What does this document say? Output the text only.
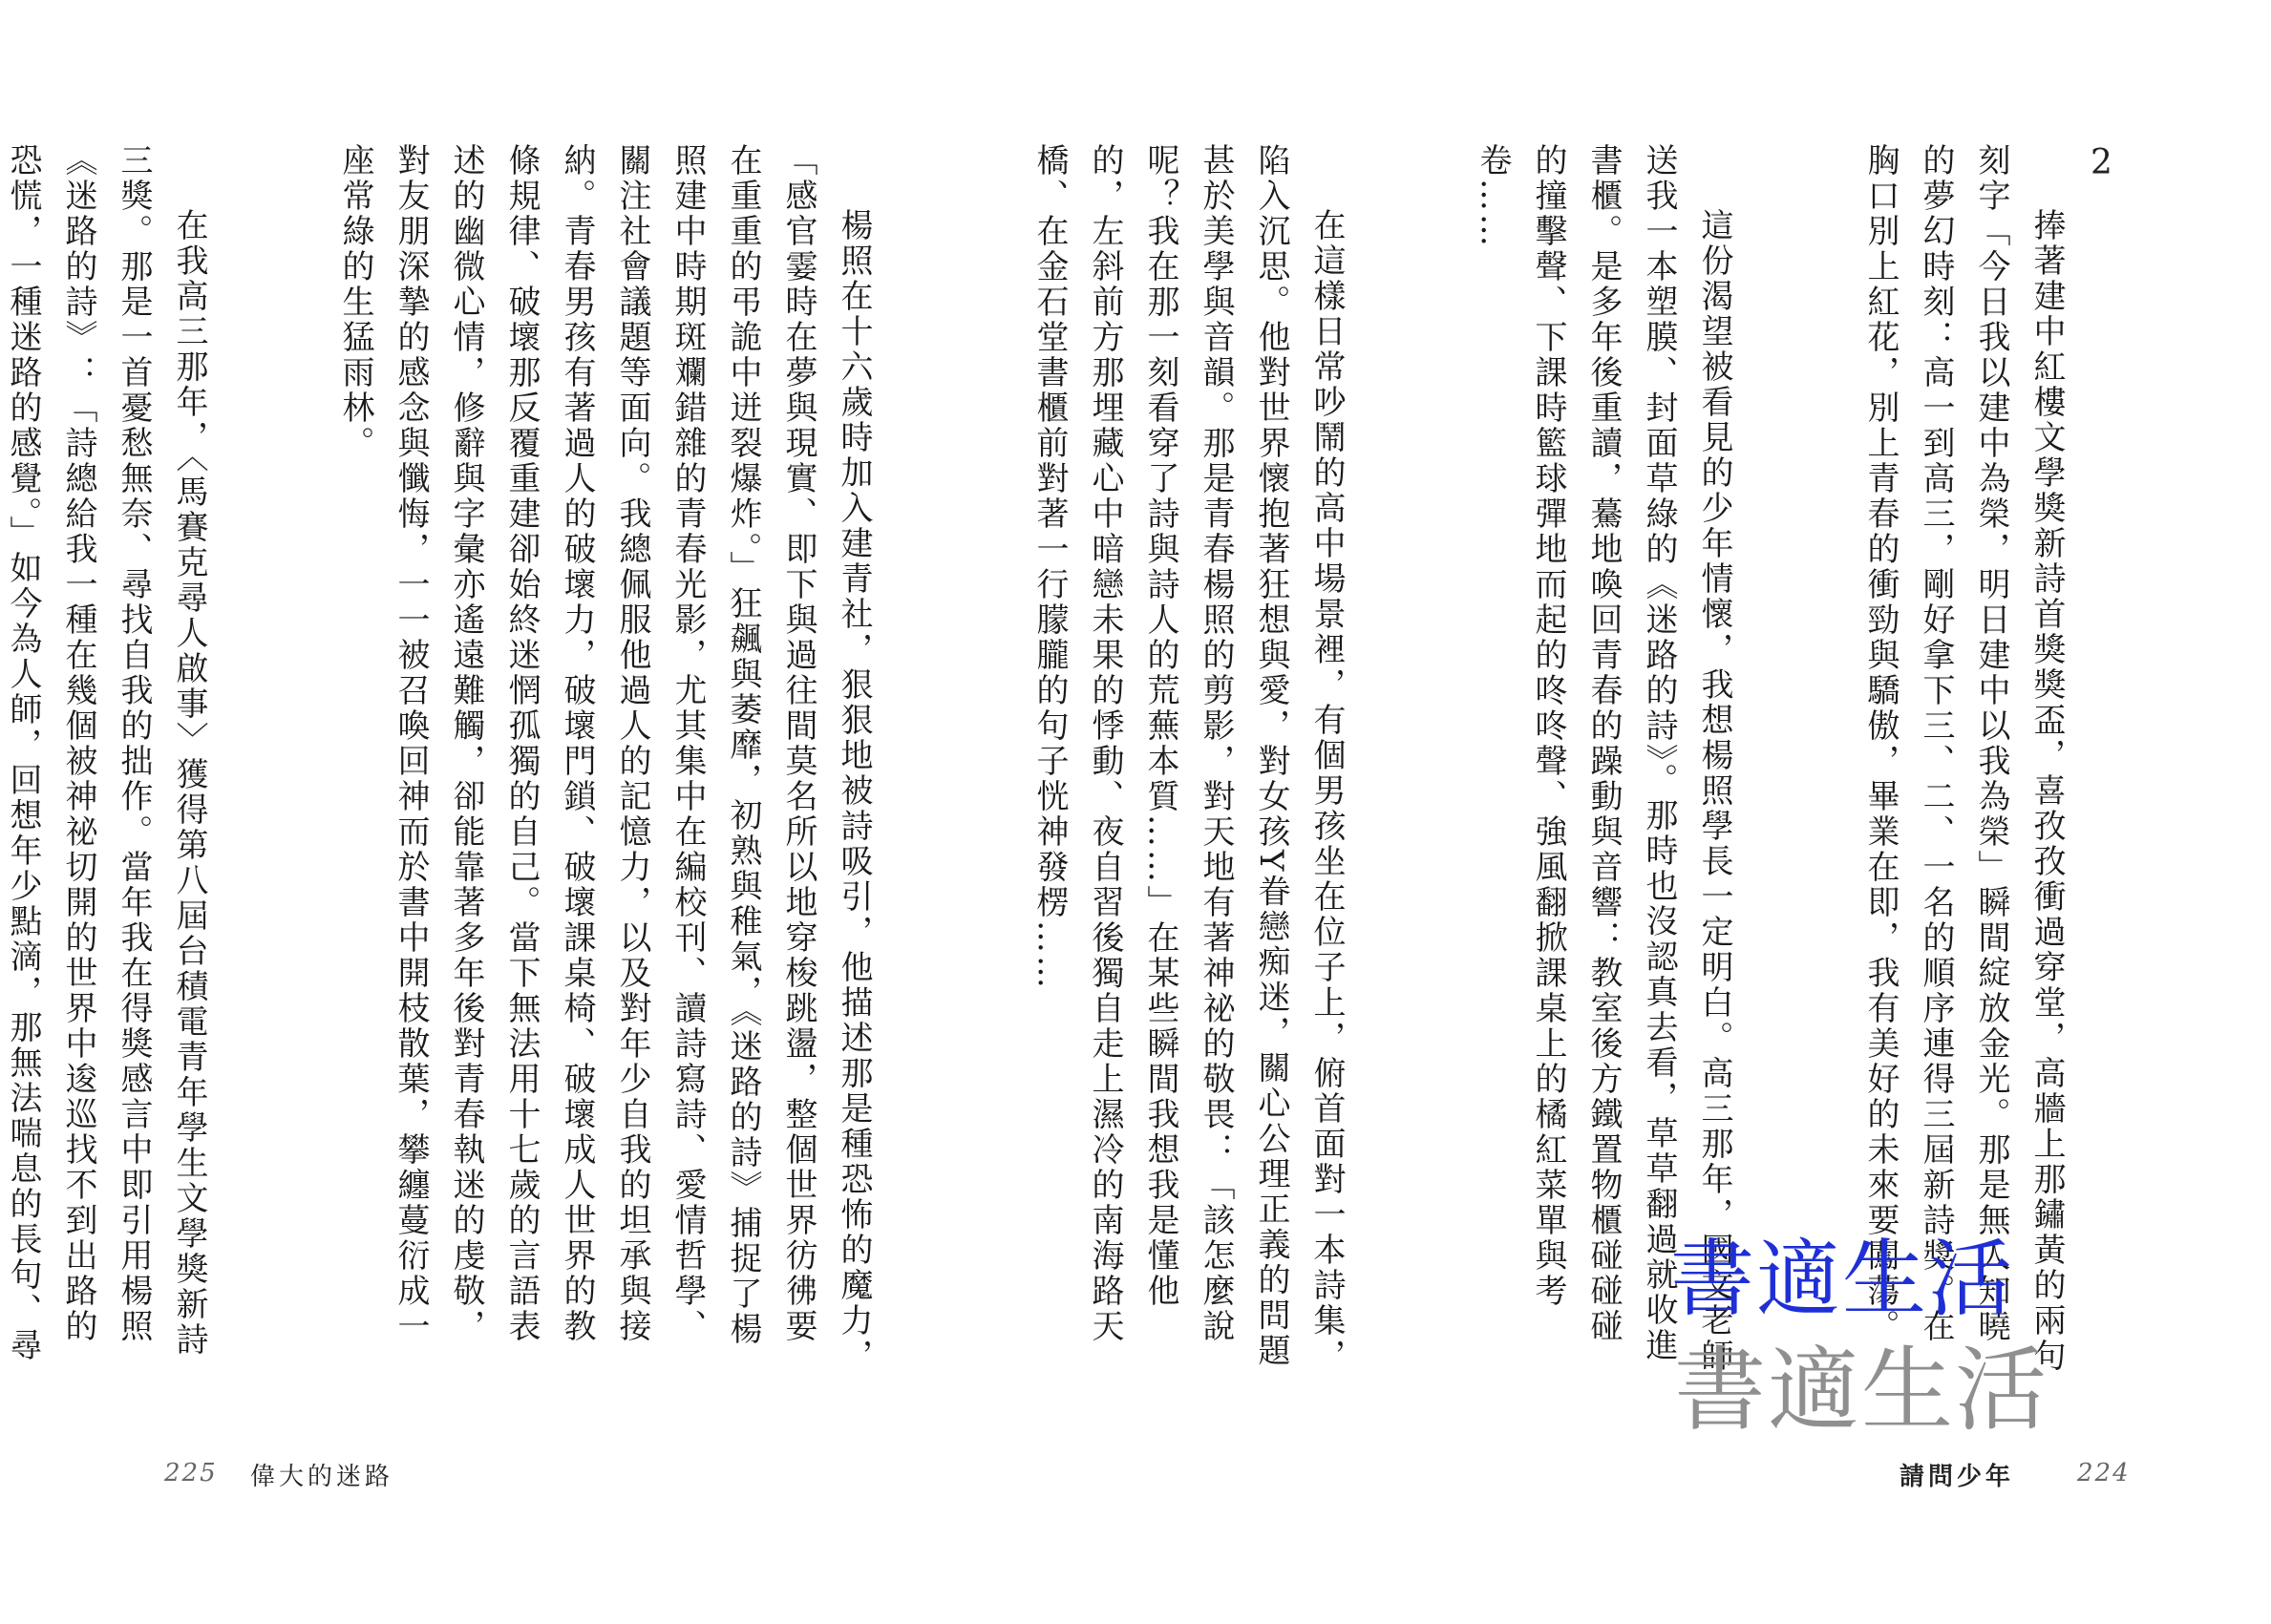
楊照在十六歲時加入建青社，狠狠地被詩吸引，他描述那是種恐怖的魔力，「感官霎時在夢與現實、即下與過往間莫名所以地穿梭跳盪，整個世界彷彿要在重重的弔詭中迸裂爆炸。」狂飆與萎靡，初熟與稚氣，《迷路的詩》捕捉了楊照建中時期斑斕錯雜的青春光影，尤其集中在編校刊、讀詩寫詩、愛情哲學、關注社會議題等面向。我總佩服他過人的記憶力，以及對年少自我的坦承與接納。青春男孩有著過人的破壞力，破壞門鎖、破壞課桌椅、破壞成人世界的教條規律、破壞那反覆重建卻始終迷惘孤獨的自己。當下無法用十七歲的言語表述的幽微心情，修辭與字彙亦遙遠難觸，卻能靠著多年後對青春執迷的虔敬，對友朋深摯的感念與懺悔，一一被召喚回神而於書中開枝散葉，攀纏蔓衍成一座常綠的生猛雨林。

在我高三那年，〈馬賽克尋人啟事〉獲得第八屆台積電青年學生文學獎新詩三獎。那是一首憂愁無奈、尋找自我的拙作。當年我在得獎感言中即引用楊照《迷路的詩》：「詩總給我一種在幾個被神祕切開的世界中逡巡找不到出路的恐慌，一種迷路的感覺。」如今為人師，回想年少點滴，那無法喘息的長句、尋

225 偉大的迷路
2

捧著建中紅樓文學獎新詩首獎獎盃，喜孜孜衝過穿堂，高牆上那鏽黃的兩句刻字「今日我以建中為榮，明日建中以我為榮」瞬間綻放金光。那是無人知曉的夢幻時刻：高一到高三，剛好拿下三、二、一名的順序連得三屆新詩獎。在胸口別上紅花，別上青春的衝勁與驕傲，畢業在即，我有美好的未來要闖蕩。

這份渴望被看見的少年情懷，我想楊照學長一定明白。高三那年，國文老師送我一本塑膜、封面草綠的《迷路的詩》。那時也沒認真去看，草草翻過就收進書櫃。是多年後重讀，驀地喚回青春的躁動與音響：教室後方鐵置物櫃碰碰碰的撞擊聲、下課時籃球彈地而起的咚咚聲、強風翻掀課桌上的橘紅菜單與考卷……

在這樣日常吵鬧的高中場景裡，有個男孩坐在位子上，俯首面對一本詩集，陷入沉思。他對世界懷抱著狂想與愛，對女孩Y眷戀痴迷，關心公理正義的問題甚於美學與音韻。那是青春楊照的剪影，對天地有著神祕的敬畏：「該怎麼說呢？我在那一刻看穿了詩與詩人的荒蕪本質……」在某些瞬間我想我是懂他的，左斜前方那埋藏心中暗戀未果的悸動、夜自習後獨自走上濕冷的南海路天橋、在金石堂書櫃前對著一行朦朧的句子恍神發楞……

書適生活
書適生活
請問少年	224
